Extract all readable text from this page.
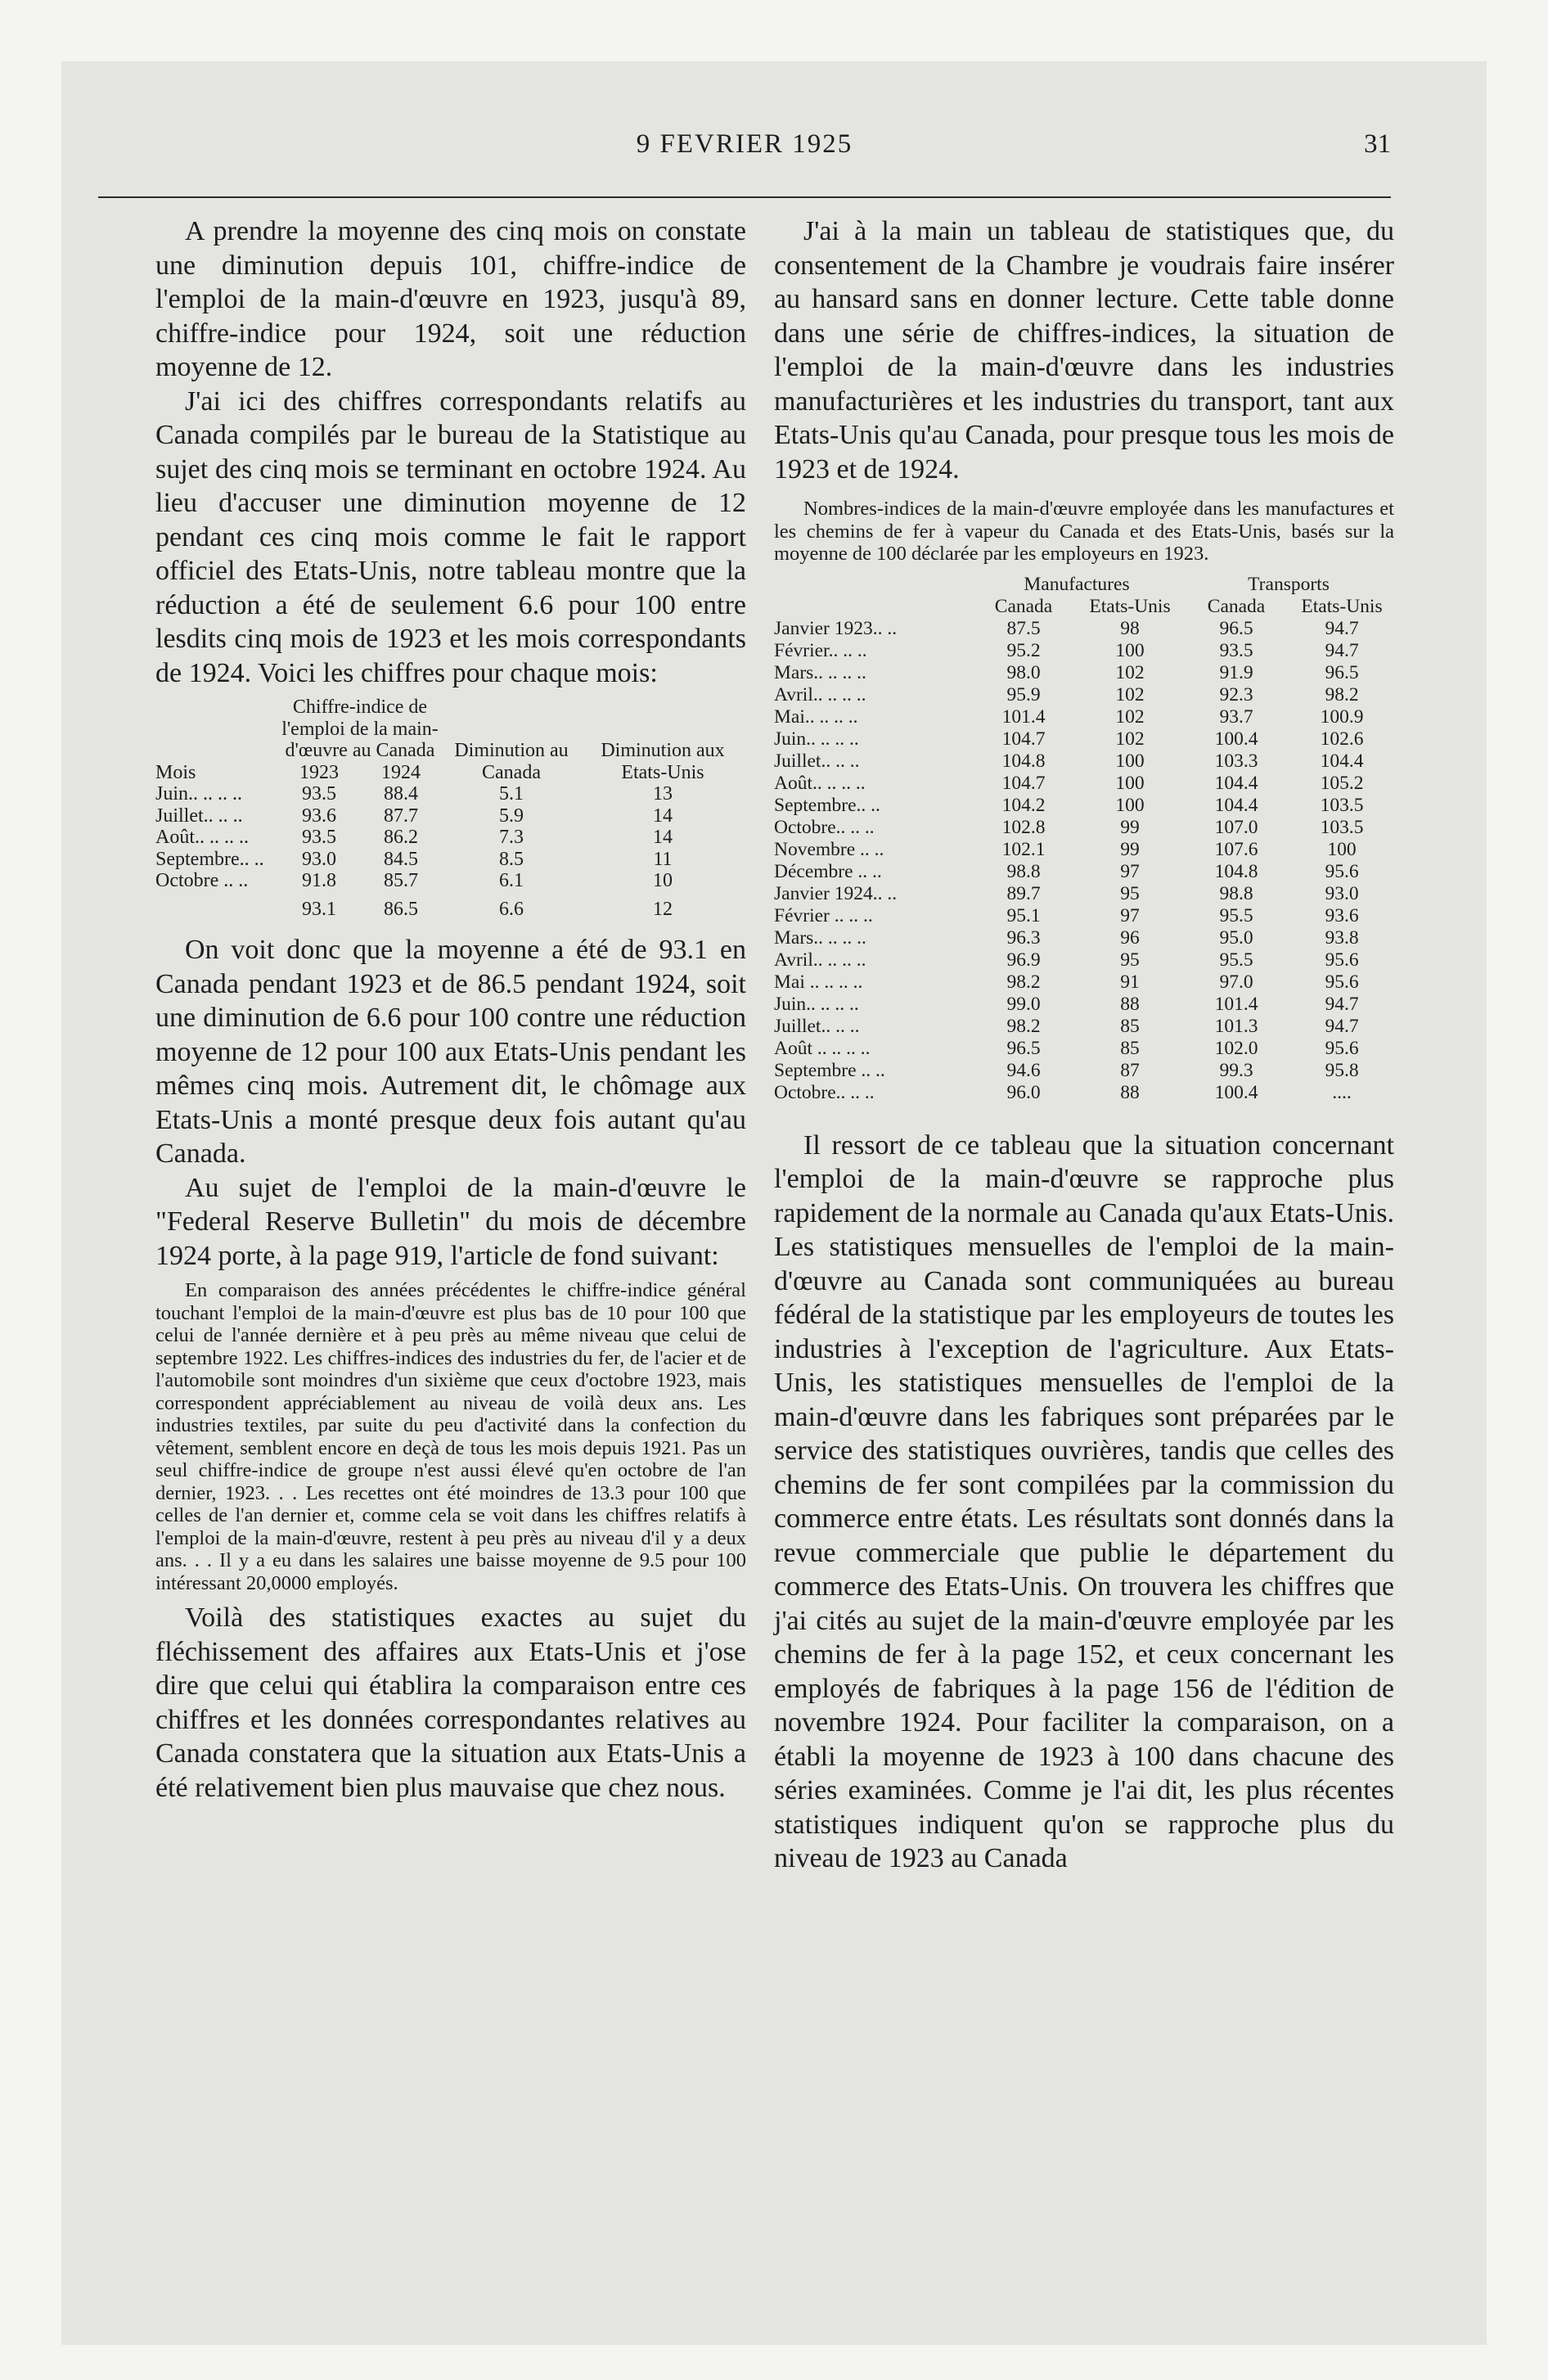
9 FEVRIER 1925	31

A prendre la moyenne des cinq mois on constate une diminution depuis 101, chiffre-indice de l'emploi de la main-d'œuvre en 1923, jusqu'à 89, chiffre-indice pour 1924, soit une réduction moyenne de 12.

J'ai ici des chiffres correspondants relatifs au Canada compilés par le bureau de la Statistique au sujet des cinq mois se terminant en octobre 1924. Au lieu d'accuser une diminution moyenne de 12 pendant ces cinq mois comme le fait le rapport officiel des Etats-Unis, notre tableau montre que la réduction a été de seulement 6.6 pour 100 entre lesdits cinq mois de 1923 et les mois correspondants de 1924. Voici les chiffres pour chaque mois:

	Chiffre-indice de l'emploi de la main-d'œuvre au Canada		Diminution au Canada	Diminution aux Etats-Unis
Mois	1923	1924		
Juin.. .. .. ..	93.5	88.4	5.1	13
Juillet.. .. ..	93.6	87.7	5.9	14
Août.. .. .. ..	93.5	86.2	7.3	14
Septembre.. ..	93.0	84.5	8.5	11
Octobre .. ..	91.8	85.7	6.1	10
	93.1	86.5	6.6	12

On voit donc que la moyenne a été de 93.1 en Canada pendant 1923 et de 86.5 pendant 1924, soit une diminution de 6.6 pour 100 contre une réduction moyenne de 12 pour 100 aux Etats-Unis pendant les mêmes cinq mois. Autrement dit, le chômage aux Etats-Unis a monté presque deux fois autant qu'au Canada.

Au sujet de l'emploi de la main-d'œuvre le "Federal Reserve Bulletin" du mois de décembre 1924 porte, à la page 919, l'article de fond suivant:

En comparaison des années précédentes le chiffre-indice général touchant l'emploi de la main-d'œuvre est plus bas de 10 pour 100 que celui de l'année dernière et à peu près au même niveau que celui de septembre 1922. Les chiffres-indices des industries du fer, de l'acier et de l'automobile sont moindres d'un sixième que ceux d'octobre 1923, mais correspondent appréciablement au niveau de voilà deux ans. Les industries textiles, par suite du peu d'activité dans la confection du vêtement, semblent encore en deçà de tous les mois depuis 1921. Pas un seul chiffre-indice de groupe n'est aussi élevé qu'en octobre de l'an dernier, 1923. . . Les recettes ont été moindres de 13.3 pour 100 que celles de l'an dernier et, comme cela se voit dans les chiffres relatifs à l'emploi de la main-d'œuvre, restent à peu près au niveau d'il y a deux ans. . . Il y a eu dans les salaires une baisse moyenne de 9.5 pour 100 intéressant 20,0000 employés.

Voilà des statistiques exactes au sujet du fléchissement des affaires aux Etats-Unis et j'ose dire que celui qui établira la comparaison entre ces chiffres et les données correspondantes relatives au Canada constatera que la situation aux Etats-Unis a été relativement bien plus mauvaise que chez nous.

J'ai à la main un tableau de statistiques que, du consentement de la Chambre je voudrais faire insérer au hansard sans en donner lecture. Cette table donne dans une série de chiffres-indices, la situation de l'emploi de la main-d'œuvre dans les industries manufacturières et les industries du transport, tant aux Etats-Unis qu'au Canada, pour presque tous les mois de 1923 et de 1924.

Nombres-indices de la main-d'œuvre employée dans les manufactures et les chemins de fer à vapeur du Canada et des Etats-Unis, basés sur la moyenne de 100 déclarée par les employeurs en 1923.

	Manufactures		Transports	
	Canada	Etats-Unis	Canada	Etats-Unis
Janvier 1923.. ..	87.5	98	96.5	94.7
Février.. .. ..	95.2	100	93.5	94.7
Mars.. .. .. ..	98.0	102	91.9	96.5
Avril.. .. .. ..	95.9	102	92.3	98.2
Mai.. .. .. ..	101.4	102	93.7	100.9
Juin.. .. .. ..	104.7	102	100.4	102.6
Juillet.. .. ..	104.8	100	103.3	104.4
Août.. .. .. ..	104.7	100	104.4	105.2
Septembre.. ..	104.2	100	104.4	103.5
Octobre.. .. ..	102.8	99	107.0	103.5
Novembre .. ..	102.1	99	107.6	100
Décembre .. ..	98.8	97	104.8	95.6
Janvier 1924.. ..	89.7	95	98.8	93.0
Février .. .. ..	95.1	97	95.5	93.6
Mars.. .. .. ..	96.3	96	95.0	93.8
Avril.. .. .. ..	96.9	95	95.5	95.6
Mai .. .. .. ..	98.2	91	97.0	95.6
Juin.. .. .. ..	99.0	88	101.4	94.7
Juillet.. .. ..	98.2	85	101.3	94.7
Août .. .. .. ..	96.5	85	102.0	95.6
Septembre .. ..	94.6	87	99.3	95.8
Octobre.. .. ..	96.0	88	100.4	....

Il ressort de ce tableau que la situation concernant l'emploi de la main-d'œuvre se rapproche plus rapidement de la normale au Canada qu'aux Etats-Unis. Les statistiques mensuelles de l'emploi de la main-d'œuvre au Canada sont communiquées au bureau fédéral de la statistique par les employeurs de toutes les industries à l'exception de l'agriculture. Aux Etats-Unis, les statistiques mensuelles de l'emploi de la main-d'œuvre dans les fabriques sont préparées par le service des statistiques ouvrières, tandis que celles des chemins de fer sont compilées par la commission du commerce entre états. Les résultats sont donnés dans la revue commerciale que publie le département du commerce des Etats-Unis. On trouvera les chiffres que j'ai cités au sujet de la main-d'œuvre employée par les chemins de fer à la page 152, et ceux concernant les employés de fabriques à la page 156 de l'édition de novembre 1924. Pour faciliter la comparaison, on a établi la moyenne de 1923 à 100 dans chacune des séries examinées. Comme je l'ai dit, les plus récentes statistiques indiquent qu'on se rapproche plus du niveau de 1923 au Canada
